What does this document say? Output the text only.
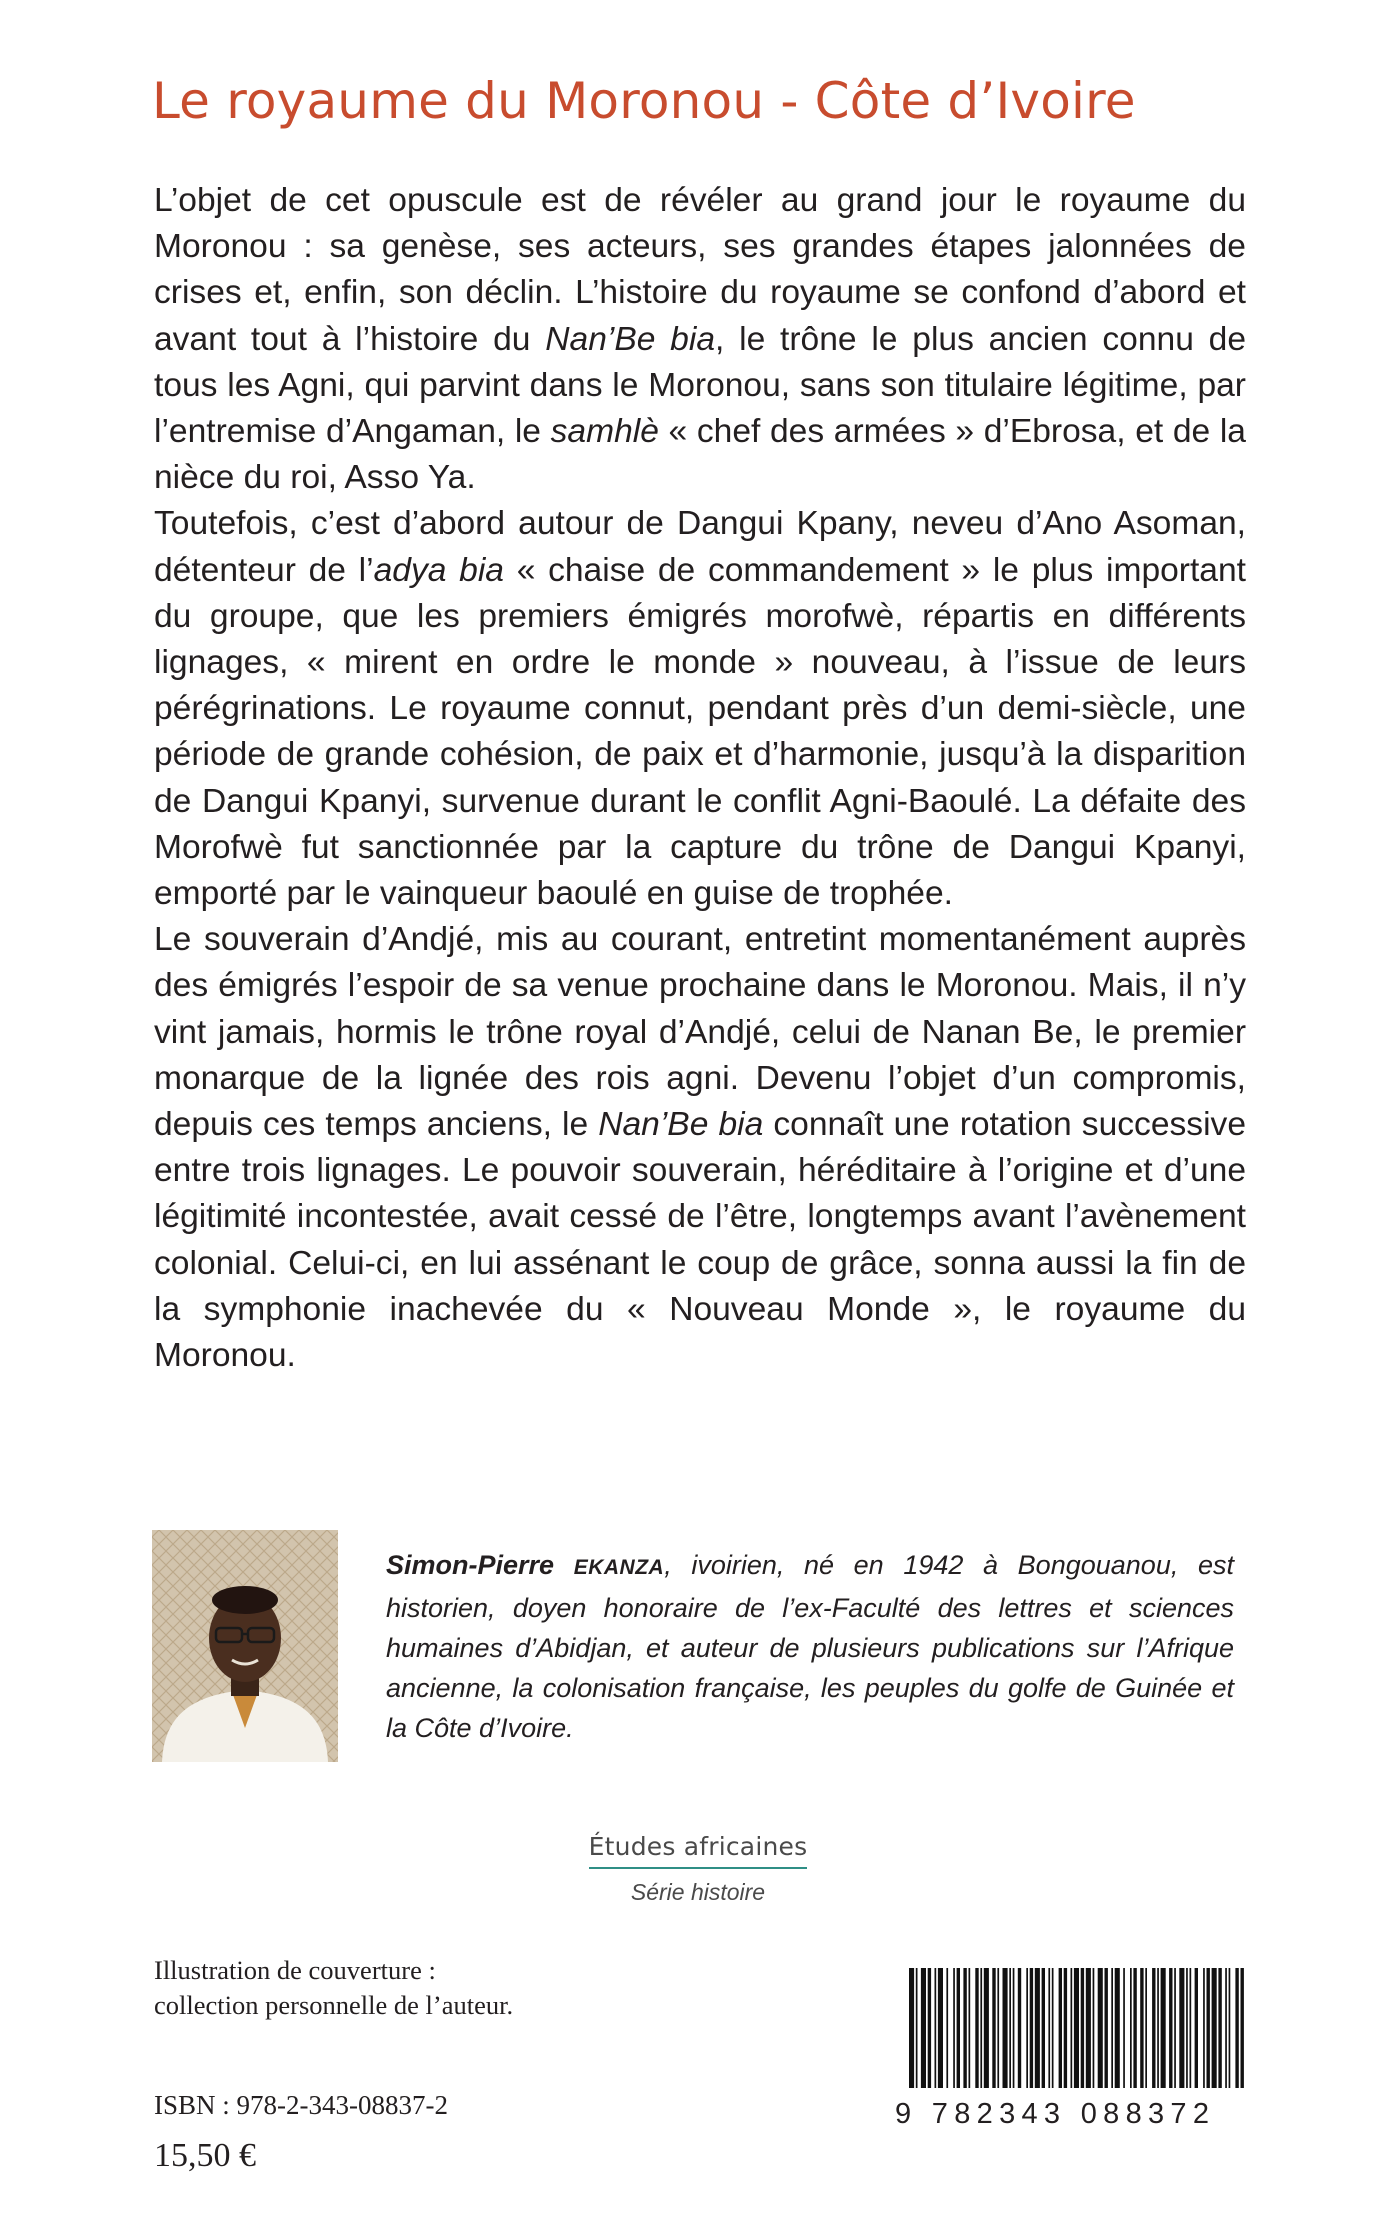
Le royaume du Moronou - Côte d’Ivoire

L’objet de cet opuscule est de révéler au grand jour le royaume du Moronou : sa genèse, ses acteurs, ses grandes étapes jalonnées de crises et, enfin, son déclin. L’histoire du royaume se confond d’abord et avant tout à l’histoire du Nan’Be bia, le trône le plus ancien connu de tous les Agni, qui parvint dans le Moronou, sans son titulaire légitime, par l’entremise d’Angaman, le samhlè « chef des armées » d’Ebrosa, et de la nièce du roi, Asso Ya.

Toutefois, c’est d’abord autour de Dangui Kpany, neveu d’Ano Asoman, détenteur de l’adya bia « chaise de commandement » le plus important du groupe, que les premiers émigrés morofwè, répartis en différents lignages, « mirent en ordre le monde » nouveau, à l’issue de leurs pérégrinations. Le royaume connut, pendant près d’un demi-siècle, une période de grande cohésion, de paix et d’harmonie, jusqu’à la disparition de Dangui Kpanyi, survenue durant le conflit Agni-Baoulé. La défaite des Morofwè fut sanctionnée par la capture du trône de Dangui Kpanyi, emporté par le vainqueur baoulé en guise de trophée.

Le souverain d’Andjé, mis au courant, entretint momentanément auprès des émigrés l’espoir de sa venue prochaine dans le Moronou. Mais, il n’y vint jamais, hormis le trône royal d’Andjé, celui de Nanan Be, le premier monarque de la lignée des rois agni. Devenu l’objet d’un compromis, depuis ces temps anciens, le Nan’Be bia connaît une rotation successive entre trois lignages. Le pouvoir souverain, héréditaire à l’origine et d’une légitimité incontestée, avait cessé de l’être, longtemps avant l’avènement colonial. Celui-ci, en lui assénant le coup de grâce, sonna aussi la fin de la symphonie inachevée du « Nouveau Monde », le royaume du Moronou.

Simon-Pierre EKANZA, ivoirien, né en 1942 à Bongouanou, est historien, doyen honoraire de l’ex-Faculté des lettres et sciences humaines d’Abidjan, et auteur de plusieurs publications sur l’Afrique ancienne, la colonisation française, les peuples du golfe de Guinée et la Côte d’Ivoire.

Études africaines
Série histoire
Illustration de couverture :
collection personnelle de l’auteur.
ISBN : 978-2-343-08837-2
15,50 €
9 782343 088372
